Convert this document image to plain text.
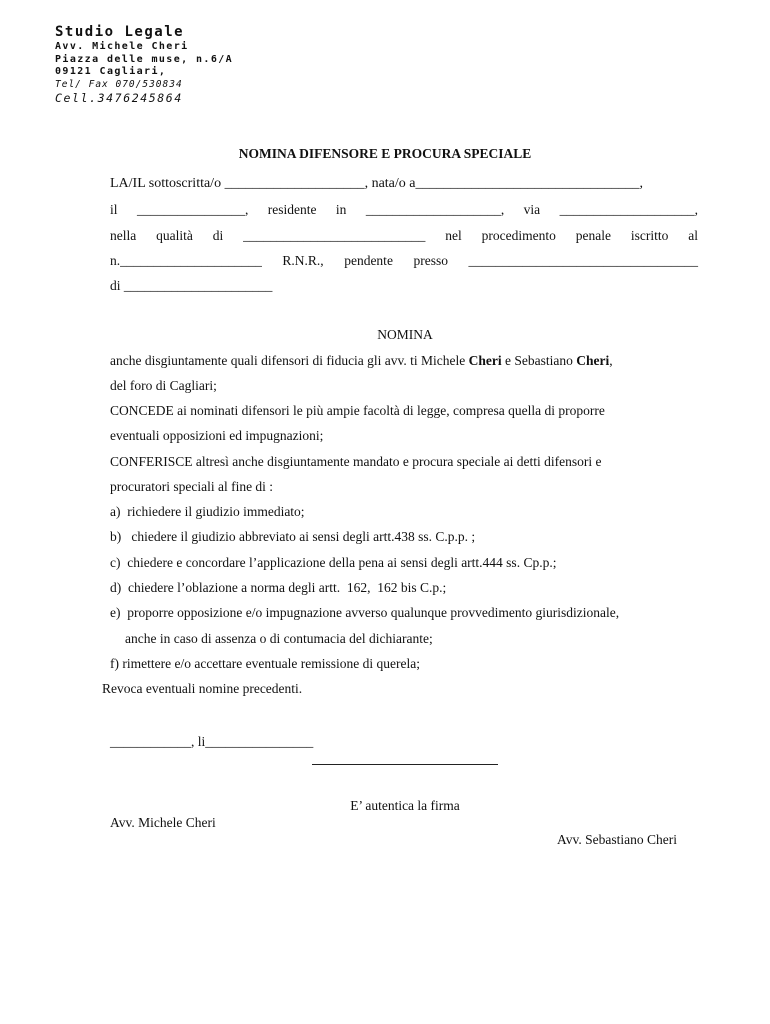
Studio Legale
Avv. Michele Cheri
Piazza delle muse, n.6/A
09121 Cagliari,
Tel/ Fax 070/530834
Cell.3476245864
NOMINA DIFENSORE E PROCURA SPECIALE
LA/IL sottoscritta/o ____________________, nata/o a________________________________,
il ________________, residente in ____________________, via ____________________,
nella qualità di ___________________________ nel procedimento penale iscritto al
n._____________________ R.N.R., pendente presso __________________________________
di ______________________
NOMINA
anche disgiuntamente quali difensori di fiducia gli avv. ti Michele Cheri e Sebastiano Cheri,
del foro di Cagliari;
CONCEDE ai nominati difensori le più ampie facoltà di legge, compresa quella di proporre
eventuali opposizioni ed impugnazioni;
CONFERISCE altresì anche disgiuntamente mandato e procura speciale ai detti difensori e
procuratori speciali al fine di :
a)  richiedere il giudizio immediato;
b)   chiedere il giudizio abbreviato ai sensi degli artt.438 ss. C.p.p. ;
c)  chiedere e concordare l’applicazione della pena ai sensi degli artt.444 ss. Cp.p.;
d)  chiedere l’oblazione a norma degli artt.  162,  162 bis C.p.;
e)  proporre opposizione e/o impugnazione avverso qualunque provvedimento giurisdizionale,
anche in caso di assenza o di contumacia del dichiarante;
f) rimettere e/o accettare eventuale remissione di querela;
Revoca eventuali nomine precedenti.
____________, li________________
E’ autentica la firma
Avv. Michele Cheri
Avv. Sebastiano Cheri
